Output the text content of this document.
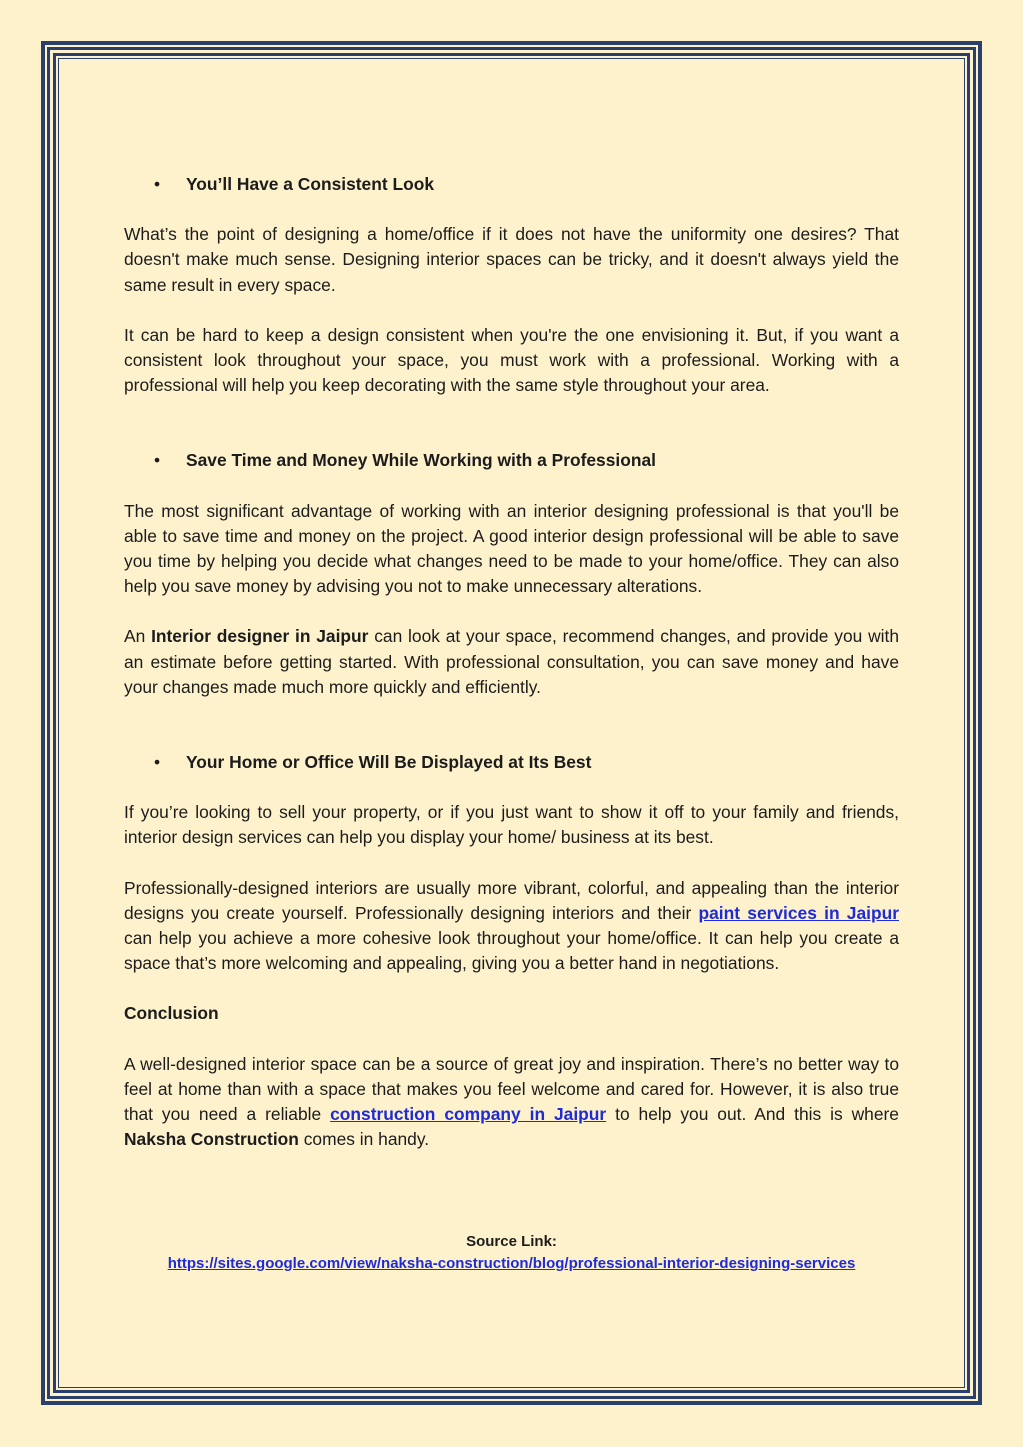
•	You’ll Have a Consistent Look

What’s the point of designing a home/office if it does not have the uniformity one desires? That doesn't make much sense. Designing interior spaces can be tricky, and it doesn't always yield the same result in every space.

It can be hard to keep a design consistent when you're the one envisioning it. But, if you want a consistent look throughout your space, you must work with a professional. Working with a professional will help you keep decorating with the same style throughout your area.

•	Save Time and Money While Working with a Professional

The most significant advantage of working with an interior designing professional is that you'll be able to save time and money on the project. A good interior design professional will be able to save you time by helping you decide what changes need to be made to your home/office. They can also help you save money by advising you not to make unnecessary alterations.

An Interior designer in Jaipur can look at your space, recommend changes, and provide you with an estimate before getting started. With professional consultation, you can save money and have your changes made much more quickly and efficiently.

•	Your Home or Office Will Be Displayed at Its Best

If you’re looking to sell your property, or if you just want to show it off to your family and friends, interior design services can help you display your home/ business at its best.

Professionally-designed interiors are usually more vibrant, colorful, and appealing than the interior designs you create yourself. Professionally designing interiors and their paint services in Jaipur can help you achieve a more cohesive look throughout your home/office. It can help you create a space that’s more welcoming and appealing, giving you a better hand in negotiations.

Conclusion

A well-designed interior space can be a source of great joy and inspiration. There’s no better way to feel at home than with a space that makes you feel welcome and cared for. However, it is also true that you need a reliable construction company in Jaipur to help you out. And this is where Naksha Construction comes in handy.

Source Link:
https://sites.google.com/view/naksha-construction/blog/professional-interior-designing-services
